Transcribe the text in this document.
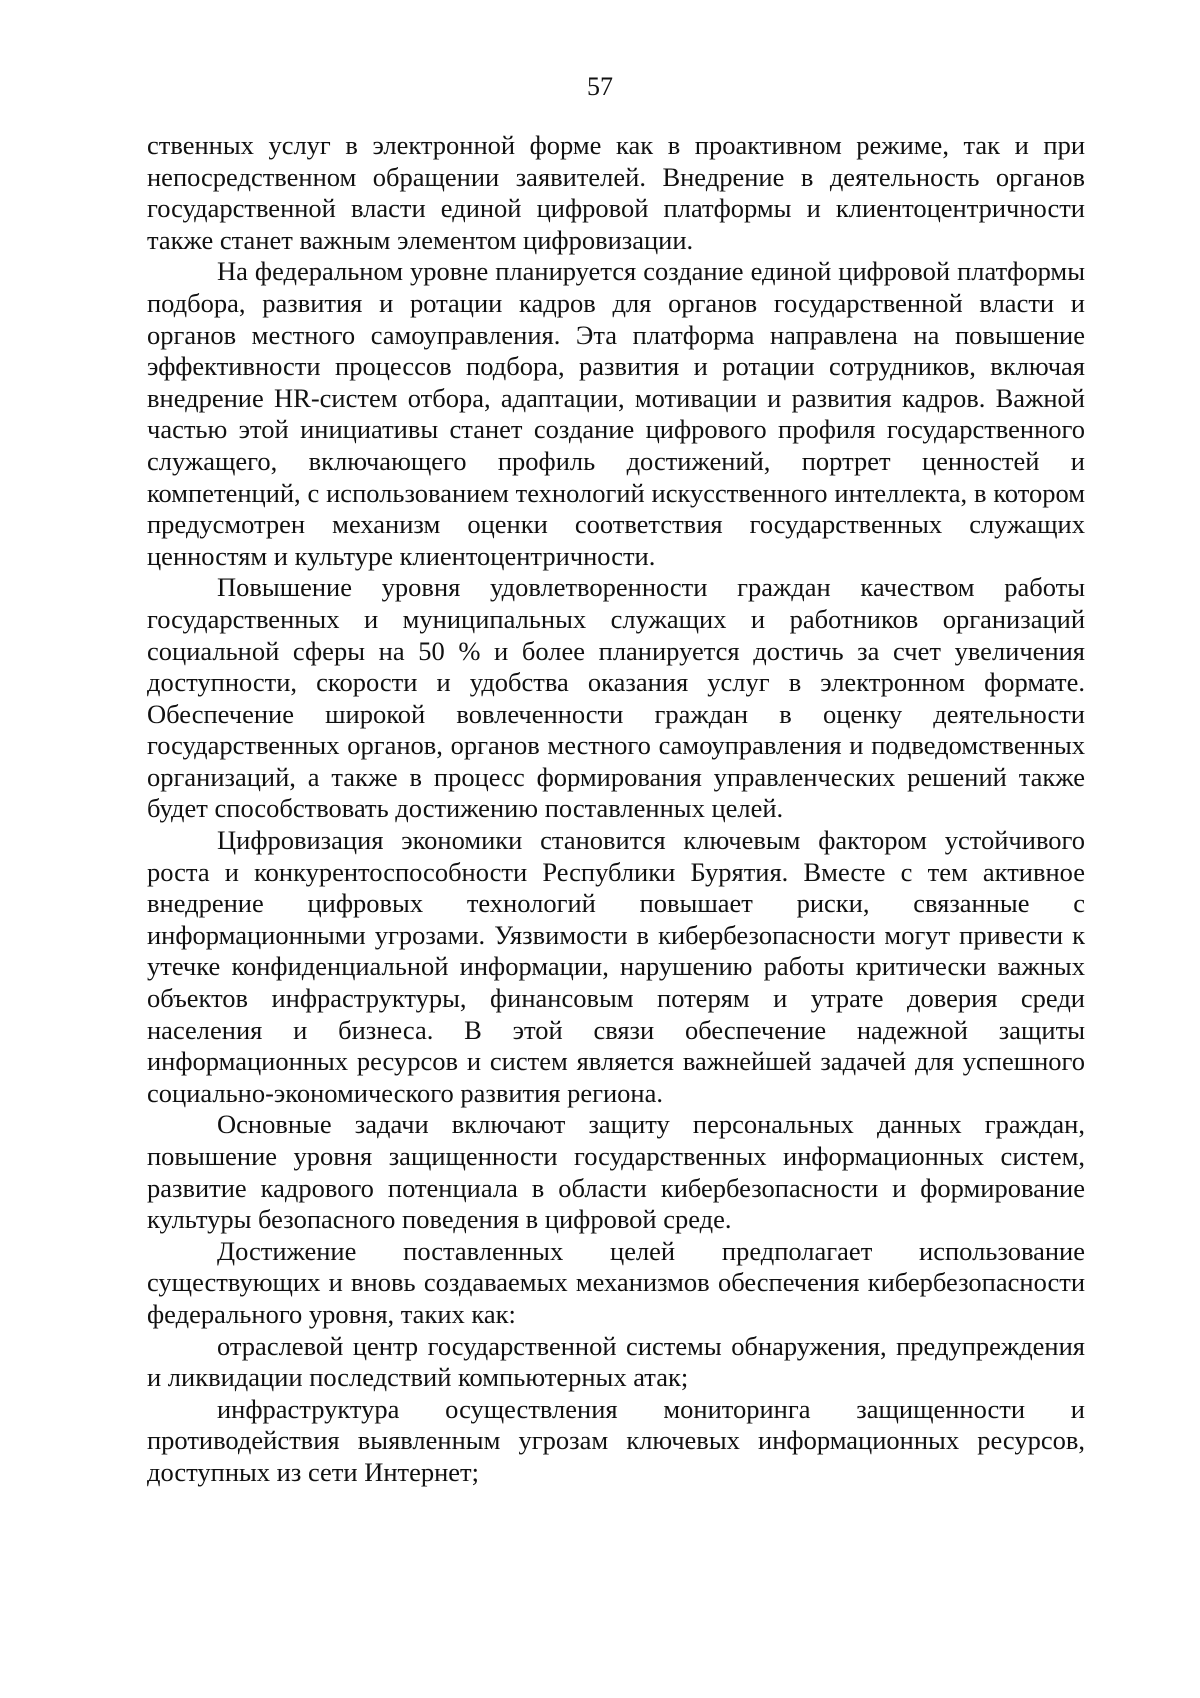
57

ственных услуг в электронной форме как в проактивном режиме, так и при непосредственном обращении заявителей. Внедрение в деятельность органов государственной власти единой цифровой платформы и клиентоцентричности также станет важным элементом цифровизации.

На федеральном уровне планируется создание единой цифровой платформы подбора, развития и ротации кадров для органов государственной власти и органов местного самоуправления. Эта платформа направлена на повышение эффективности процессов подбора, развития и ротации сотрудников, включая внедрение HR-систем отбора, адаптации, мотивации и развития кадров. Важной частью этой инициативы станет создание цифрового профиля государственного служащего, включающего профиль достижений, портрет ценностей и компетенций, с использованием технологий искусственного интеллекта, в котором предусмотрен механизм оценки соответствия государственных служащих ценностям и культуре клиентоцентричности.

Повышение уровня удовлетворенности граждан качеством работы государственных и муниципальных служащих и работников организаций социальной сферы на 50 % и более планируется достичь за счет увеличения доступности, скорости и удобства оказания услуг в электронном формате. Обеспечение широкой вовлеченности граждан в оценку деятельности государственных органов, органов местного самоуправления и подведомственных организаций, а также в процесс формирования управленческих решений также будет способствовать достижению поставленных целей.

Цифровизация экономики становится ключевым фактором устойчивого роста и конкурентоспособности Республики Бурятия. Вместе с тем активное внедрение цифровых технологий повышает риски, связанные с информационными угрозами. Уязвимости в кибербезопасности могут привести к утечке конфиденциальной информации, нарушению работы критически важных объектов инфраструктуры, финансовым потерям и утрате доверия среди населения и бизнеса. В этой связи обеспечение надежной защиты информационных ресурсов и систем является важнейшей задачей для успешного социально-экономического развития региона.

Основные задачи включают защиту персональных данных граждан, повышение уровня защищенности государственных информационных систем, развитие кадрового потенциала в области кибербезопасности и формирование культуры безопасного поведения в цифровой среде.

Достижение поставленных целей предполагает использование существующих и вновь создаваемых механизмов обеспечения кибербезопасности федерального уровня, таких как:

отраслевой центр государственной системы обнаружения, предупреждения и ликвидации последствий компьютерных атак;

инфраструктура осуществления мониторинга защищенности и противодействия выявленным угрозам ключевых информационных ресурсов, доступных из сети Интернет;
